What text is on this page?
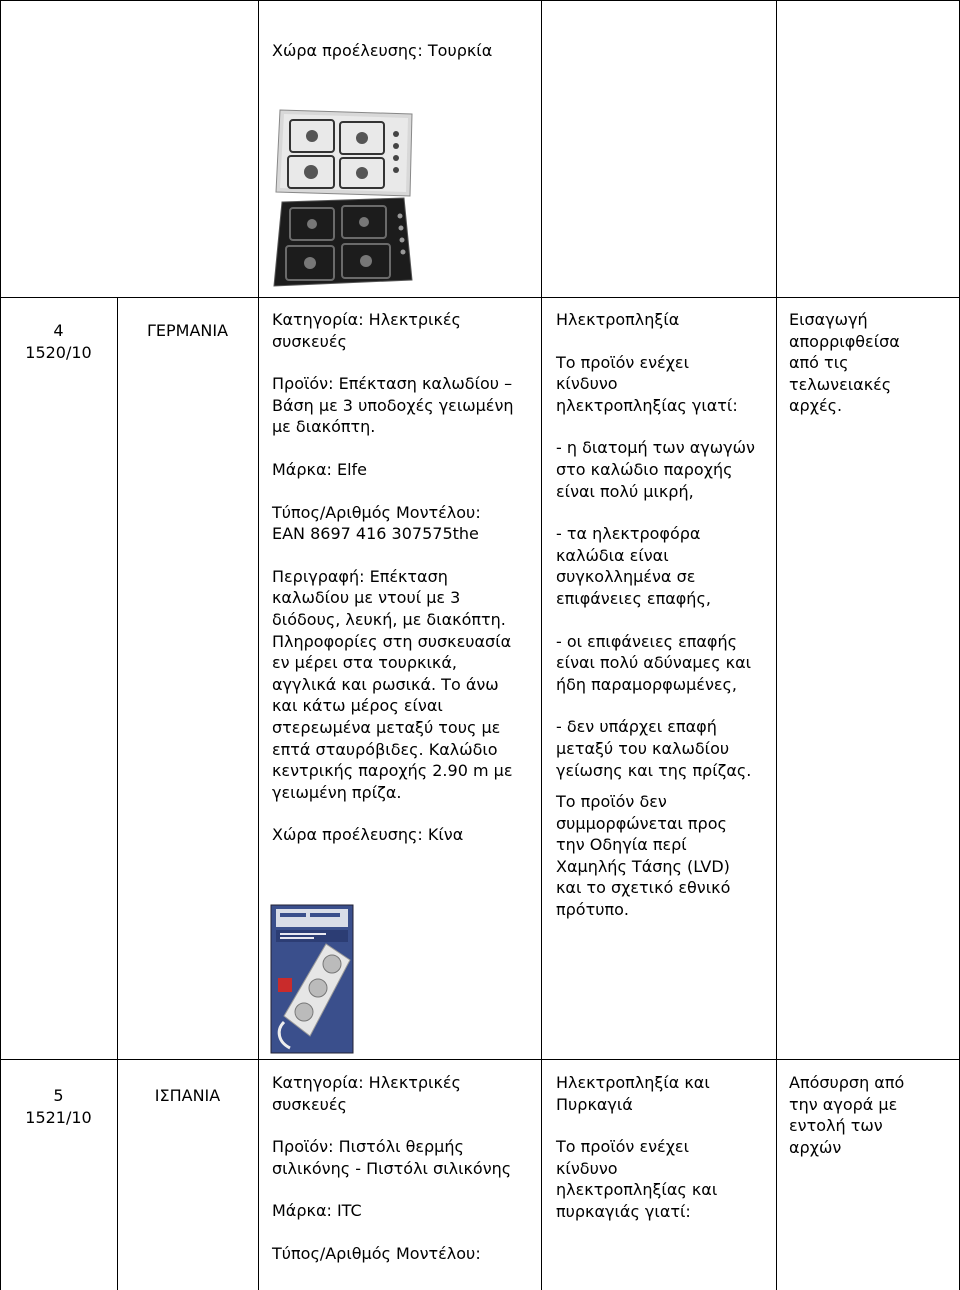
Χώρα προέλευσης: Τουρκία
4
1520/10
ΓΕΡΜΑΝΙΑ

Κατηγορία: Ηλεκτρικές
συσκευές

Προϊόν: Επέκταση καλωδίου –
Βάση με 3 υποδοχές γειωμένη
με διακόπτη.

Μάρκα: Elfe

Τύπος/Αριθμός Μοντέλου:
EAN 8697 416 307575the

Περιγραφή: Επέκταση
καλωδίου με ντουί με 3
διόδους, λευκή, με διακόπτη.
Πληροφορίες στη συσκευασία
εν μέρει στα τουρκικά,
αγγλικά και ρωσικά. Το άνω
και κάτω μέρος είναι
στερεωμένα μεταξύ τους με
επτά σταυρόβιδες. Καλώδιο
κεντρικής παροχής 2.90 m με
γειωμένη πρίζα.

Χώρα προέλευσης: Κίνα

Ηλεκτροπληξία

Το προϊόν ενέχει
κίνδυνο
ηλεκτροπληξίας γιατί:

- η διατομή των αγωγών
στο καλώδιο παροχής
είναι πολύ μικρή,

- τα ηλεκτροφόρα
καλώδια είναι
συγκολλημένα σε
επιφάνειες επαφής,

- οι επιφάνειες επαφής
είναι πολύ αδύναμες και
ήδη παραμορφωμένες,

- δεν υπάρχει επαφή
μεταξύ του καλωδίου
γείωσης και της πρίζας.

Το προϊόν δεν
συμμορφώνεται προς
την Οδηγία περί
Χαμηλής Τάσης (LVD)
και το σχετικό εθνικό
πρότυπο.

Εισαγωγή
απορριφθείσα
από τις
τελωνειακές
αρχές.
5
1521/10
ΙΣΠΑΝΙΑ

Κατηγορία: Ηλεκτρικές
συσκευές

Προϊόν: Πιστόλι θερμής
σιλικόνης - Πιστόλι σιλικόνης

Μάρκα: ITC

Τύπος/Αριθμός Μοντέλου:

Ηλεκτροπληξία και
Πυρκαγιά

Το προϊόν ενέχει
κίνδυνο
ηλεκτροπληξίας και
πυρκαγιάς γιατί:

Απόσυρση από
την αγορά με
εντολή των
αρχών
